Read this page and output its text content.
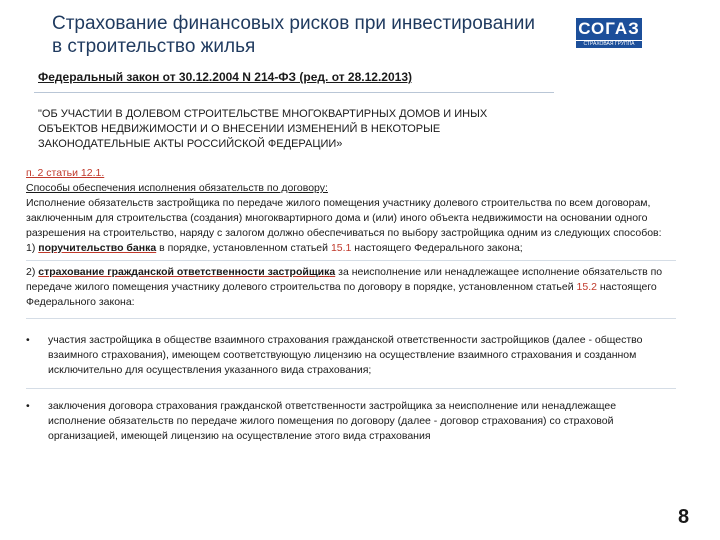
Страхование финансовых рисков при инвестировании
в строительство жилья
СОГАЗ
СТРАХОВАЯ ГРУППА
Федеральный закон от 30.12.2004 N 214-ФЗ (ред. от 28.12.2013)
"ОБ УЧАСТИИ В ДОЛЕВОМ СТРОИТЕЛЬСТВЕ МНОГОКВАРТИРНЫХ ДОМОВ И ИНЫХ
ОБЪЕКТОВ НЕДВИЖИМОСТИ И О ВНЕСЕНИИ ИЗМЕНЕНИЙ В НЕКОТОРЫЕ
ЗАКОНОДАТЕЛЬНЫЕ АКТЫ РОССИЙСКОЙ ФЕДЕРАЦИИ»

п. 2 статьи 12.1.

Способы обеспечения исполнения обязательств по договору:

Исполнение обязательств застройщика по передаче жилого помещения участнику долевого строительства по всем договорам, заключенным для строительства (создания) многоквартирного дома и (или) иного объекта недвижимости на основании одного разрешения на строительство, наряду с залогом должно обеспечиваться по выбору застройщика одним из следующих способов:

1) поручительство банка в порядке, установленном статьей 15.1 настоящего Федерального закона;

2) страхование гражданской ответственности застройщика за неисполнение или ненадлежащее исполнение обязательств по передаче жилого помещения участнику долевого строительства по договору в порядке, установленном статьей 15.2 настоящего Федерального закона:

• участия застройщика в обществе взаимного страхования гражданской ответственности застройщиков (далее - общество взаимного страхования), имеющем соответствующую лицензию на осуществление взаимного страхования и созданном исключительно для осуществления указанного вида страхования;

• заключения договора страхования гражданской ответственности застройщика за неисполнение или ненадлежащее исполнение обязательств по передаче жилого помещения по договору (далее - договор страхования) со страховой организацией, имеющей лицензию на осуществление этого вида страхования

8
